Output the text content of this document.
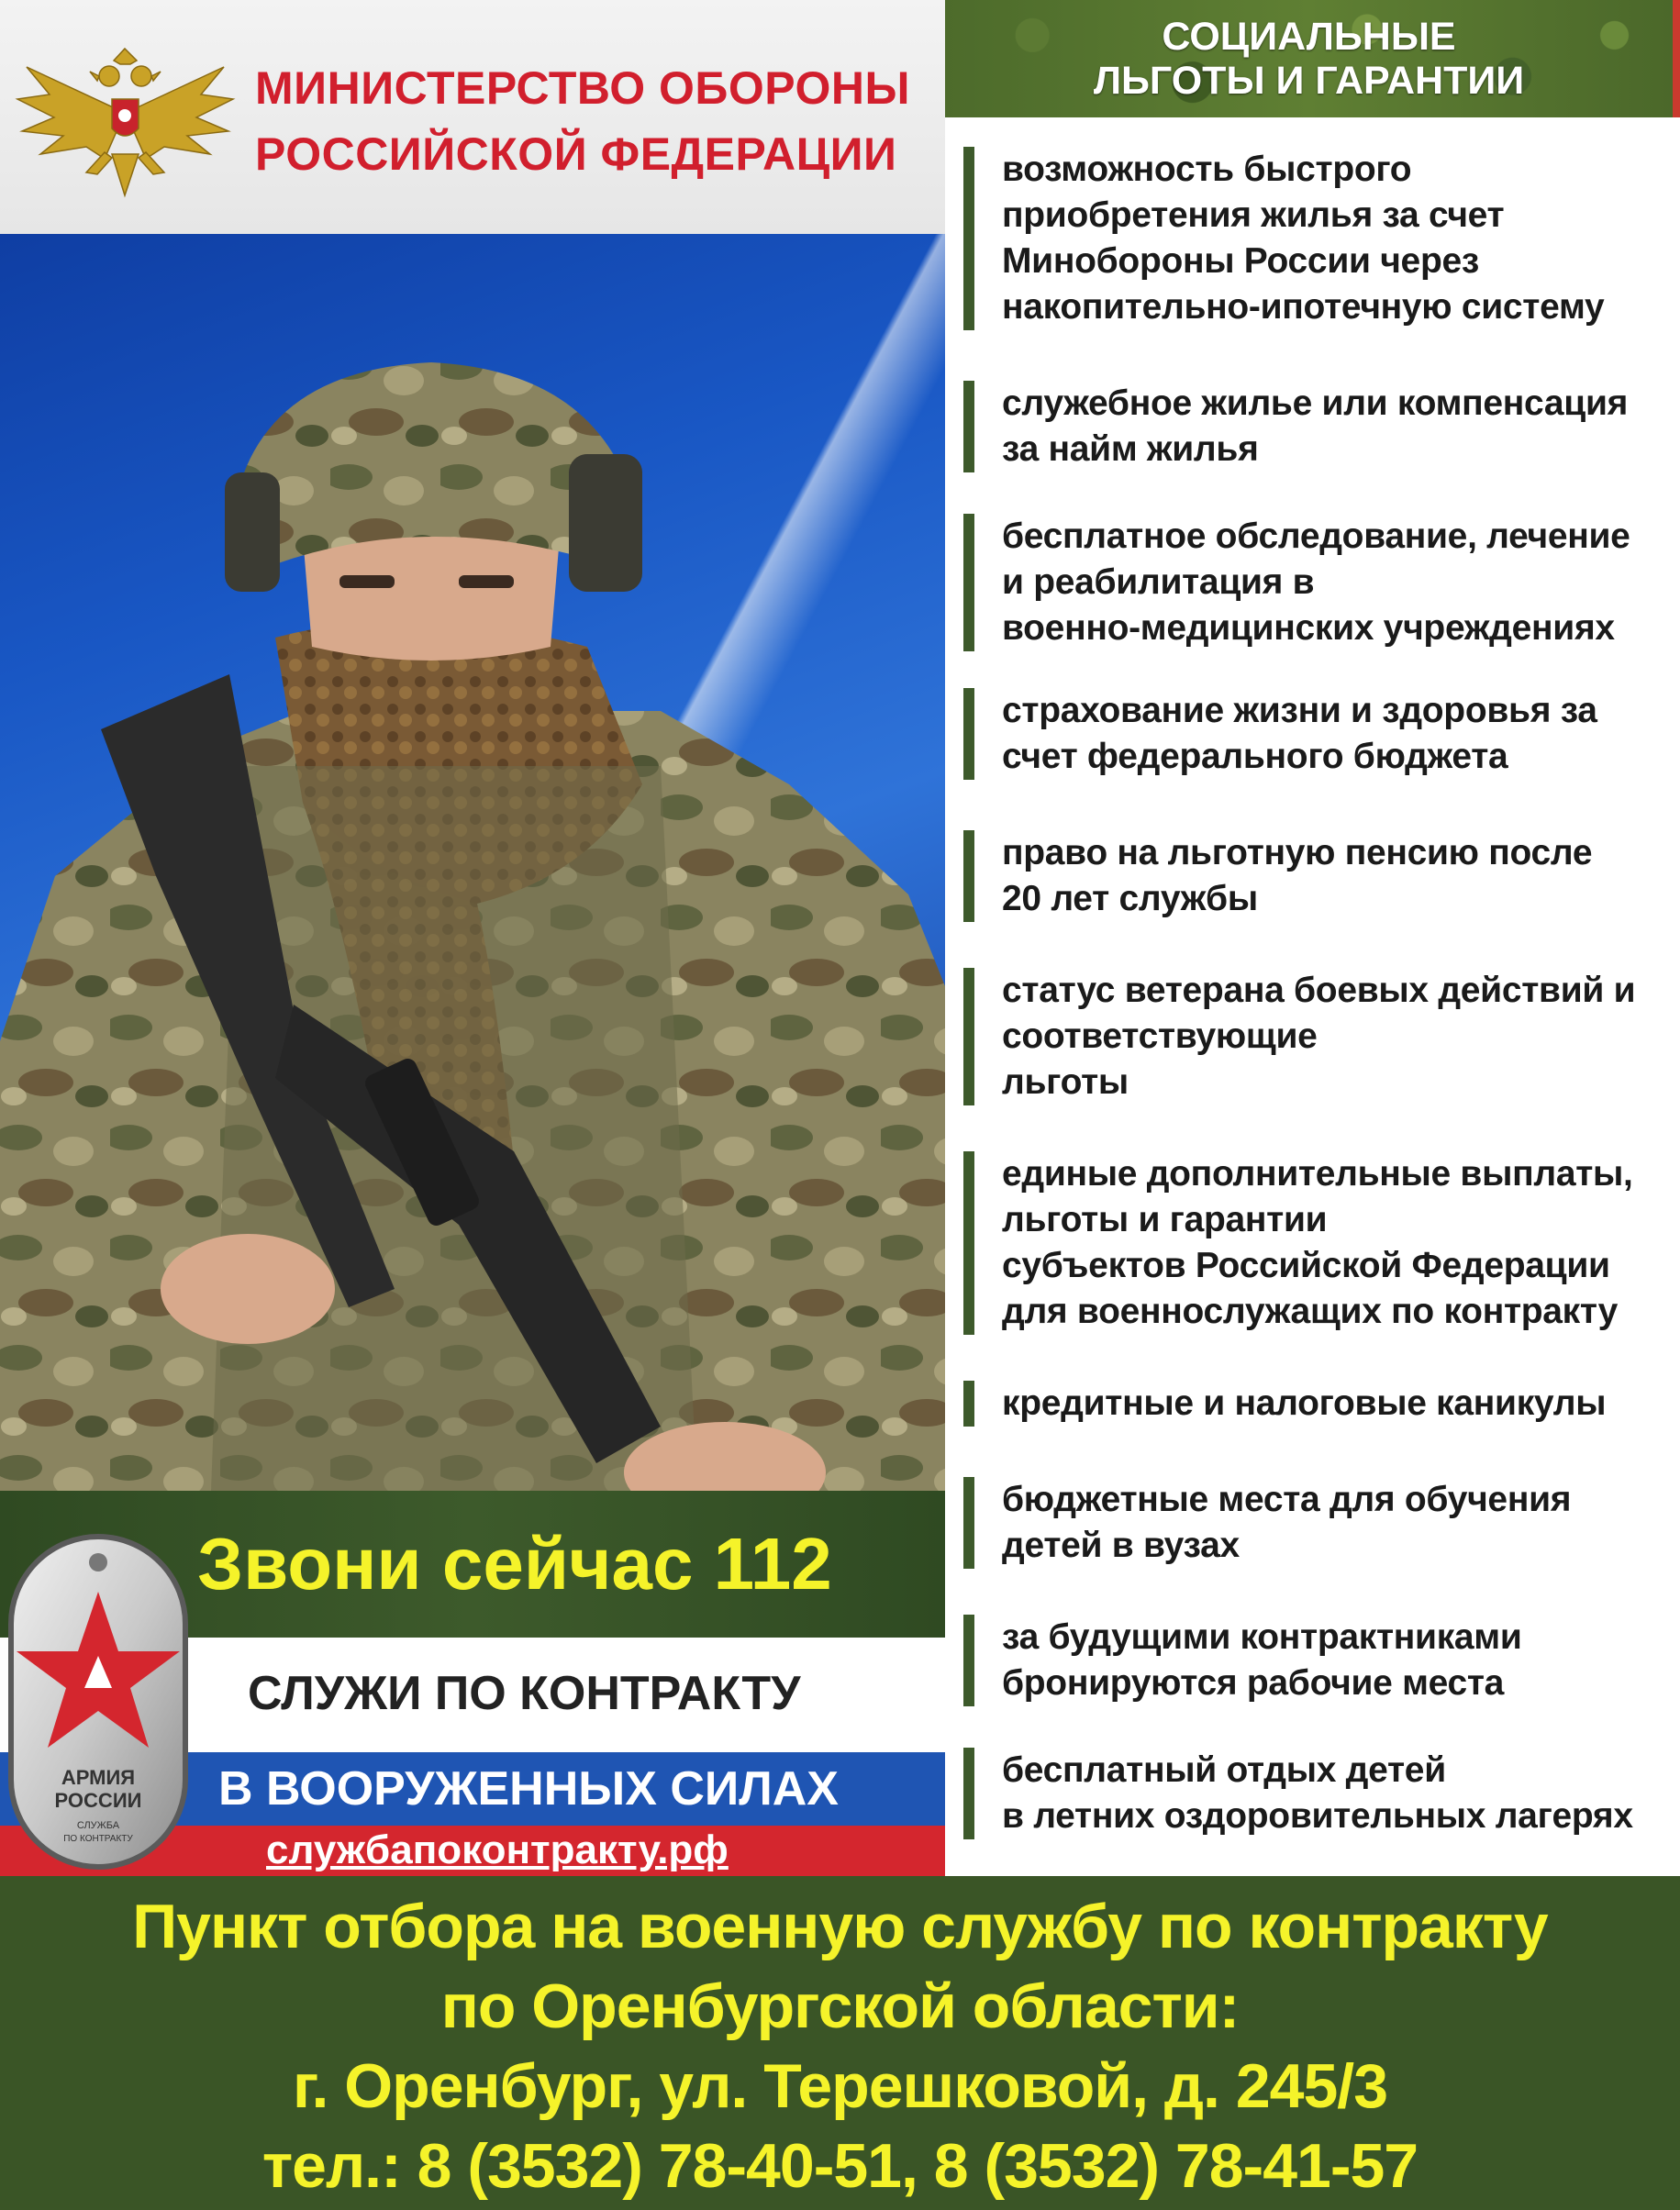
МИНИСТЕРСТВО ОБОРОНЫ
РОССИЙСКОЙ ФЕДЕРАЦИИ
Звони сейчас 112
СЛУЖИ ПО КОНТРАКТУ
В ВООРУЖЕННЫХ СИЛАХ
службапоконтракту.рф
АРМИЯ
РОССИИ
СЛУЖБА
ПО КОНТРАКТУ
СОЦИАЛЬНЫЕ
ЛЬГОТЫ И ГАРАНТИИ
возможность быстрого
приобретения жилья за счет
Минобороны России через
накопительно-ипотечную систему
служебное жилье или компенсация
за найм жилья
бесплатное обследование, лечение
и реабилитация в
военно-медицинских учреждениях
страхование жизни и здоровья за
счет федерального бюджета
право на льготную пенсию после
20 лет службы
статус ветерана боевых действий и
соответствующие
льготы
единые дополнительные выплаты,
льготы и гарантии
субъектов Российской Федерации
для военнослужащих по контракту
кредитные и налоговые каникулы
бюджетные места для обучения
детей в вузах
за будущими контрактниками
бронируются рабочие места
бесплатный отдых детей
в летних оздоровительных лагерях
Пункт отбора на военную службу по контракту
по Оренбургской области:
г. Оренбург, ул. Терешковой, д. 245/3
тел.: 8 (3532) 78-40-51, 8 (3532) 78-41-57
